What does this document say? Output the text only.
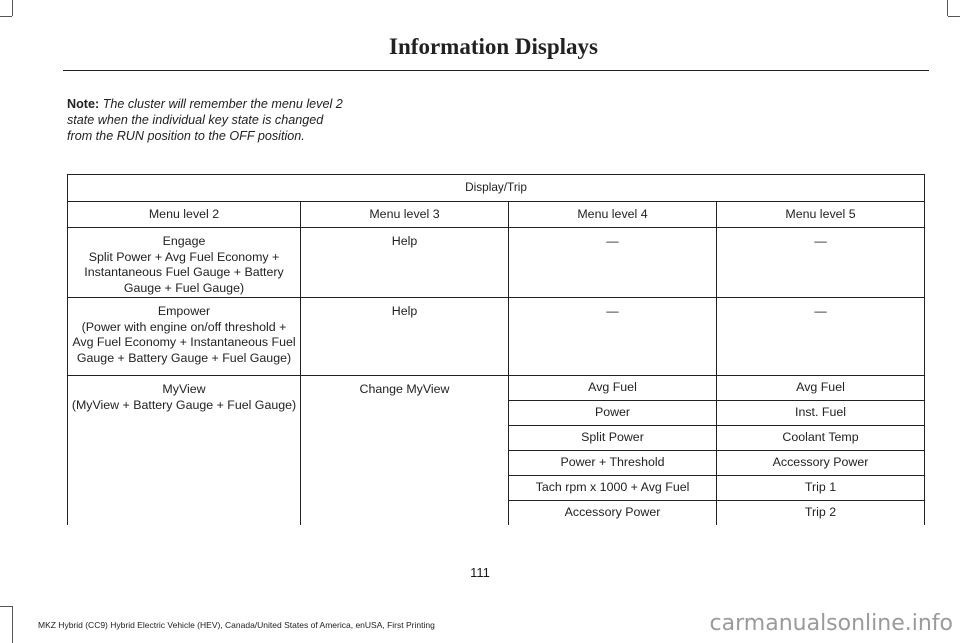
Information Displays
Note: The cluster will remember the menu level 2 state when the individual key state is changed from the RUN position to the OFF position.
Display/Trip			
Menu level 2	Menu level 3	Menu level 4	Menu level 5

Engage
Split Power + Avg Fuel Economy + Instantaneous Fuel Gauge + Battery Gauge + Fuel Gauge)	Help	—	—

Empower
(Power with engine on/off threshold + Avg Fuel Economy + Instantaneous Fuel Gauge + Battery Gauge + Fuel Gauge)	Help	—	—

MyView
(MyView + Battery Gauge + Fuel Gauge)	Change MyView	Avg Fuel	Avg Fuel
		Power	Inst. Fuel
		Split Power	Coolant Temp
		Power + Threshold	Accessory Power
		Tach rpm x 1000 + Avg Fuel	Trip 1
		Accessory Power	Trip 2
111
MKZ Hybrid (CC9) Hybrid Electric Vehicle (HEV), Canada/United States of America, enUSA, First Printing	carmanualsonline.info
